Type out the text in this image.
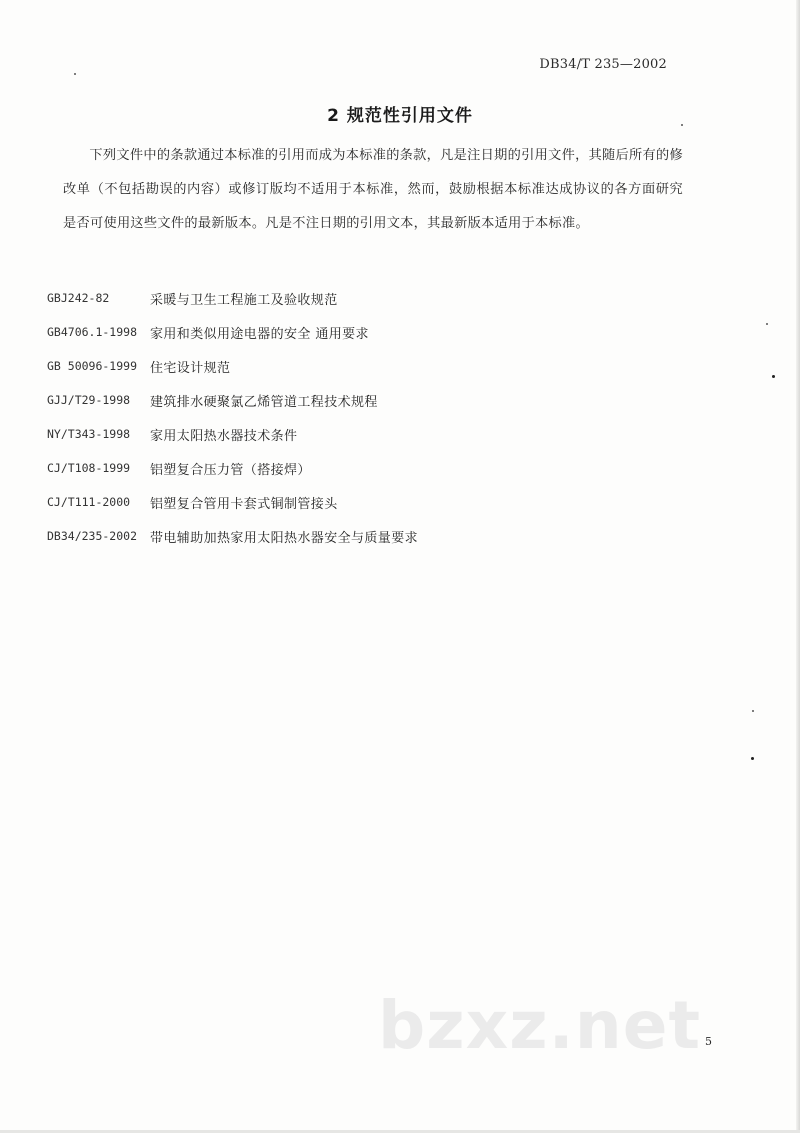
DB34/T 235—2002
2 规范性引用文件
下列文件中的条款通过本标准的引用而成为本标准的条款，凡是注日期的引用文件，其随后所有的修改单（不包括勘误的内容）或修订版均不适用于本标准，然而，鼓励根据本标准达成协议的各方面研究是否可使用这些文件的最新版本。凡是不注日期的引用文本，其最新版本适用于本标准。
GBJ242-82	采暖与卫生工程施工及验收规范
GB4706.1-1998 家用和类似用途电器的安全 通用要求
GB 50096-1999 住宅设计规范
GJJ/T29-1998 建筑排水硬聚氯乙烯管道工程技术规程
NY/T343-1998 家用太阳热水器技术条件
CJ/T108-1999 铝塑复合压力管（搭接焊）
CJ/T111-2000 铝塑复合管用卡套式铜制管接头
DB34/235-2002 带电辅助加热家用太阳热水器安全与质量要求
bzxz.net 5
